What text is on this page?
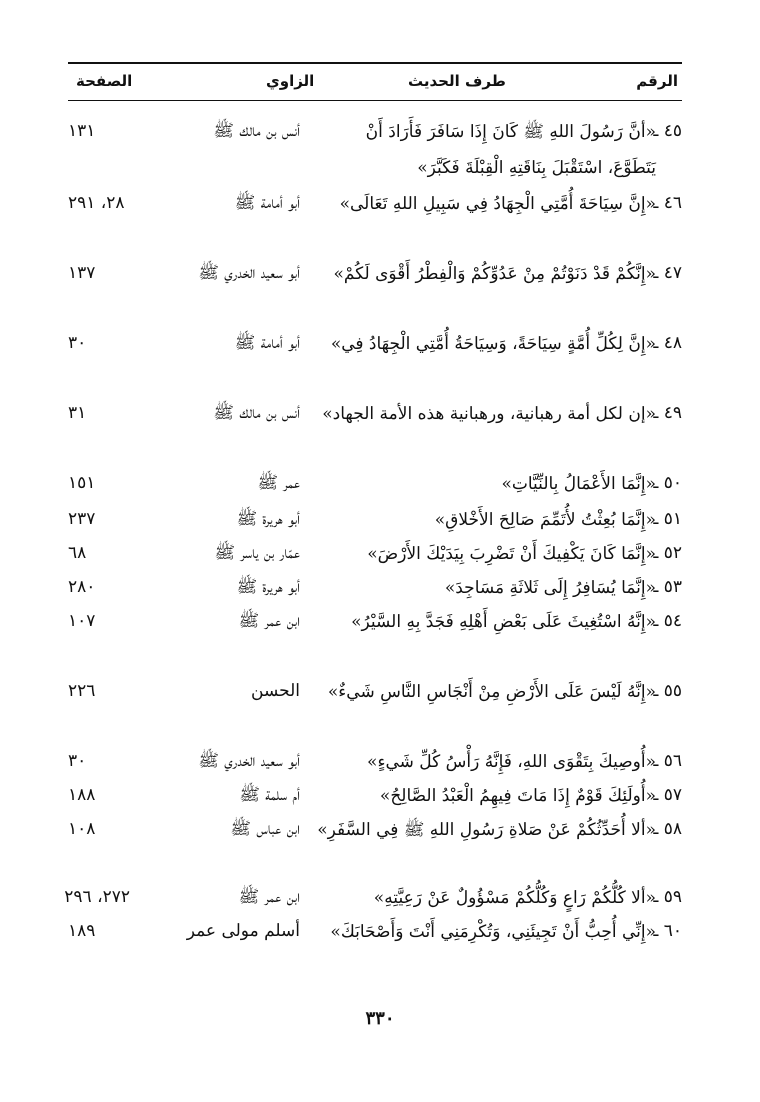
الرقم
طرف الحديث
الزاوي
الصفحة
٤٥ ـ
«أنَّ رَسُولَ اللهِ ﷺ كَانَ إِذَا سَافَرَ فَأَرَادَ أَنْ يَتَطَوَّعَ، اسْتَقْبَلَ بِنَاقَتِهِ الْقِبْلَةَ فَكَبَّرَ»
أنس بن مالك ﷺ
١٣١
٤٦ ـ
«إِنَّ سِيَاحَةَ أُمَّتِي الْجِهَادُ فِي سَبِيلِ اللهِ تَعَالَى»
أبو أمامة ﷺ
٢٨، ٢٩١
٤٧ ـ
«إِنَّكُمْ قَدْ دَنَوْتُمْ مِنْ عَدُوِّكُمْ وَالْفِطْرُ أَقْوَى لَكُمْ»
أبو سعيد الخدري ﷺ
١٣٧
٤٨ ـ
«إِنَّ لِكُلِّ أُمَّةٍ سِيَاحَةً، وَسِيَاحَةُ أُمَّتِي الْجِهَادُ فِي»
أبو أمامة ﷺ
٣٠
٤٩ ـ
«إن لكل أمة رهبانية، ورهبانية هذه الأمة الجهاد»
أنس بن مالك ﷺ
٣١
٥٠ ـ
«إِنَّمَا الأَعْمَالُ بِالنِّيَّاتِ»
عمر ﷺ
١٥١
٥١ ـ
«إِنَّمَا بُعِثْتُ لأُتَمِّمَ صَالِحَ الأَخْلاقِ»
أبو هريرة ﷺ
٢٣٧
٥٢ ـ
«إِنَّمَا كَانَ يَكْفِيكَ أَنْ تَضْرِبَ بِيَدَيْكَ الأَرْضَ»
عمّار بن ياسر ﷺ
٦٨
٥٣ ـ
«إِنَّمَا يُسَافِرُ إِلَى ثَلاثَةِ مَسَاجِدَ»
أبو هريرة ﷺ
٢٨٠
٥٤ ـ
«إِنَّهُ اسْتُغِيثَ عَلَى بَعْضِ أَهْلِهِ فَجَدَّ بِهِ السَّيْرُ»
ابن عمر ﷺ
١٠٧
٥٥ ـ
«إِنَّهُ لَيْسَ عَلَى الأَرْضِ مِنْ أَنْجَاسِ النَّاسِ شَيءٌ»
الحسن
٢٢٦
٥٦ ـ
«أُوصِيكَ بِتَقْوَى اللهِ، فَإِنَّهُ رَأْسُ كُلِّ شَيءٍ»
أبو سعيد الخدري ﷺ
٣٠
٥٧ ـ
«أُولَئِكَ قَوْمٌ إِذَا مَاتَ فِيهِمُ الْعَبْدُ الصَّالِحُ»
أم سلمة ﷺ
١٨٨
٥٨ ـ
«ألا أُحَدِّثُكُمْ عَنْ صَلاةِ رَسُولِ اللهِ ﷺ فِي السَّفَرِ»
ابن عباس ﷺ
١٠٨
٥٩ ـ
«ألا كُلُّكُمْ رَاعٍ وَكُلُّكُمْ مَسْؤُولٌ عَنْ رَعِيَّتِهِ»
ابن عمر ﷺ
٢٧٢، ٢٩٦
٦٠ ـ
«إِنِّي أُحِبُّ أَنْ تَجِيئَنِي، وَتُكْرِمَنِي أَنْتَ وَأَصْحَابَكَ»
أسلم مولى عمر
١٨٩
٣٣٠
